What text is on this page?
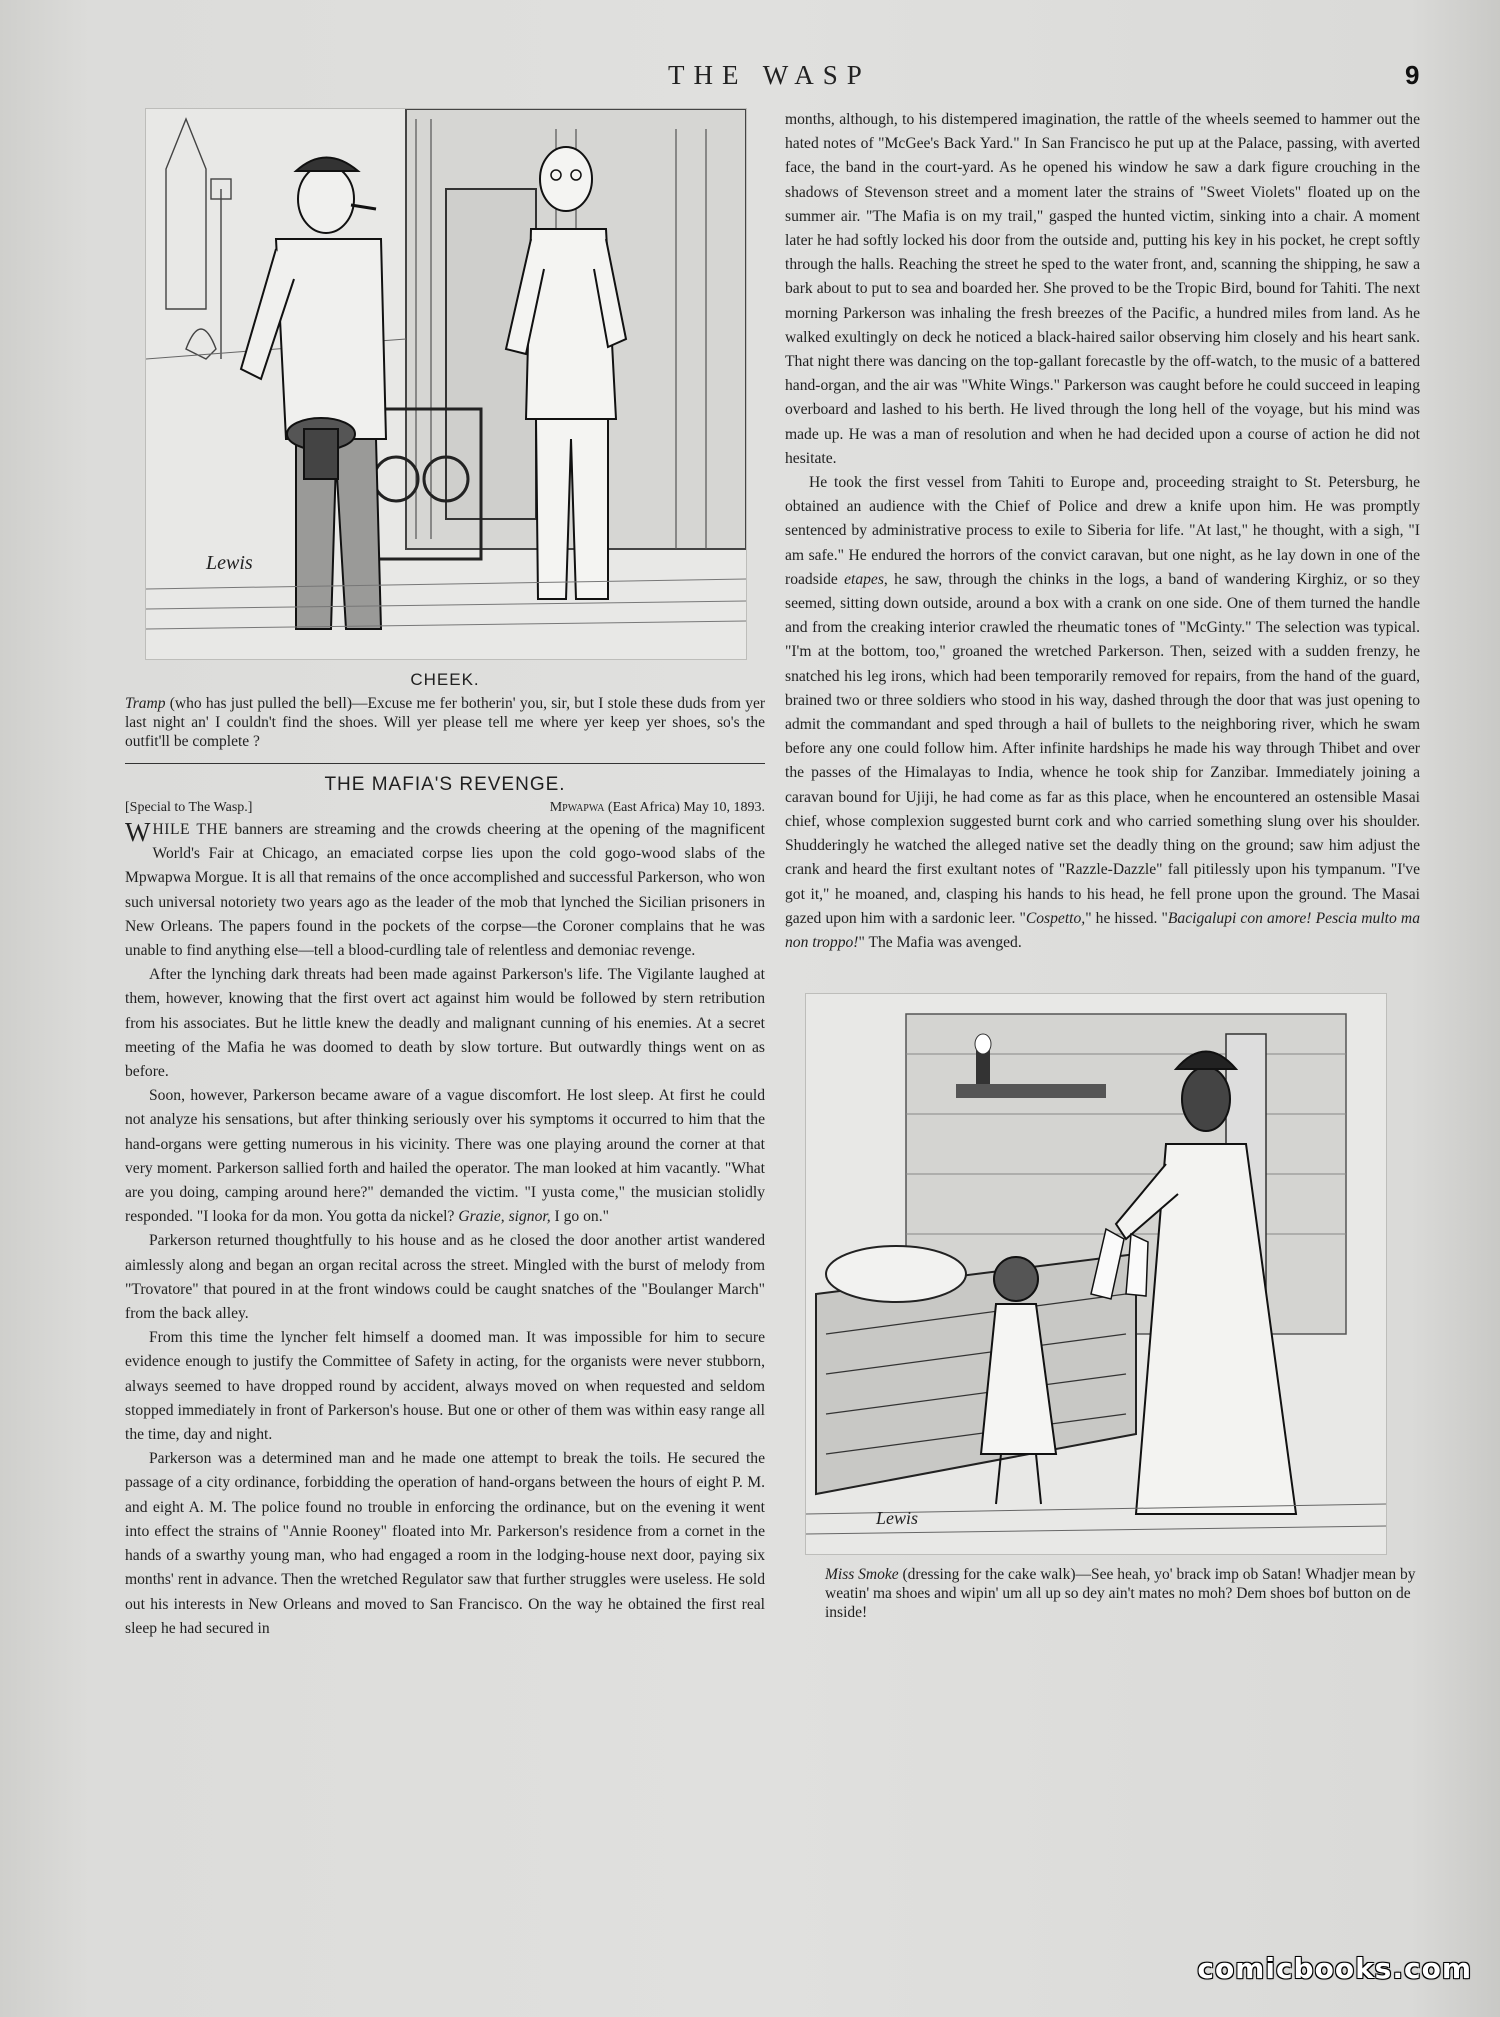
THE WASP	9
Lewis
CHEEK.

Tramp (who has just pulled the bell)—Excuse me fer botherin' you, sir, but I stole these duds from yer last night an' I couldn't find the shoes. Will yer please tell me where yer keep yer shoes, so's the outfit'll be complete ?

THE MAFIA'S REVENGE.
[Special to The Wasp.]	Mpwapwa (East Africa) May 10, 1893.

WHILE THE banners are streaming and the crowds cheering at the opening of the magnificent World's Fair at Chicago, an emaciated corpse lies upon the cold gogo-wood slabs of the Mpwapwa Morgue. It is all that remains of the once accomplished and successful Parkerson, who won such universal notoriety two years ago as the leader of the mob that lynched the Sicilian prisoners in New Orleans. The papers found in the pockets of the corpse—the Coroner complains that he was unable to find anything else—tell a blood-curdling tale of relentless and demoniac revenge.

After the lynching dark threats had been made against Parkerson's life. The Vigilante laughed at them, however, knowing that the first overt act against him would be followed by stern retribution from his associates. But he little knew the deadly and malignant cunning of his enemies. At a secret meeting of the Mafia he was doomed to death by slow torture. But outwardly things went on as before.

Soon, however, Parkerson became aware of a vague discomfort. He lost sleep. At first he could not analyze his sensations, but after thinking seriously over his symptoms it occurred to him that the hand-organs were getting numerous in his vicinity. There was one playing around the corner at that very moment. Parkerson sallied forth and hailed the operator. The man looked at him vacantly. "What are you doing, camping around here?" demanded the victim. "I yusta come," the musician stolidly responded. "I looka for da mon. You gotta da nickel? Grazie, signor, I go on."

Parkerson returned thoughtfully to his house and as he closed the door another artist wandered aimlessly along and began an organ recital across the street. Mingled with the burst of melody from "Trovatore" that poured in at the front windows could be caught snatches of the "Boulanger March" from the back alley.

From this time the lyncher felt himself a doomed man. It was impossible for him to secure evidence enough to justify the Committee of Safety in acting, for the organists were never stubborn, always seemed to have dropped round by accident, always moved on when requested and seldom stopped immediately in front of Parkerson's house. But one or other of them was within easy range all the time, day and night.

Parkerson was a determined man and he made one attempt to break the toils. He secured the passage of a city ordinance, forbidding the operation of hand-organs between the hours of eight P. M. and eight A. M. The police found no trouble in enforcing the ordinance, but on the evening it went into effect the strains of "Annie Rooney" floated into Mr. Parkerson's residence from a cornet in the hands of a swarthy young man, who had engaged a room in the lodging-house next door, paying six months' rent in advance. Then the wretched Regulator saw that further struggles were useless. He sold out his interests in New Orleans and moved to San Francisco. On the way he obtained the first real sleep he had secured in

months, although, to his distempered imagination, the rattle of the wheels seemed to hammer out the hated notes of "McGee's Back Yard." In San Francisco he put up at the Palace, passing, with averted face, the band in the court-yard. As he opened his window he saw a dark figure crouching in the shadows of Stevenson street and a moment later the strains of "Sweet Violets" floated up on the summer air. "The Mafia is on my trail," gasped the hunted victim, sinking into a chair. A moment later he had softly locked his door from the outside and, putting his key in his pocket, he crept softly through the halls. Reaching the street he sped to the water front, and, scanning the shipping, he saw a bark about to put to sea and boarded her. She proved to be the Tropic Bird, bound for Tahiti. The next morning Parkerson was inhaling the fresh breezes of the Pacific, a hundred miles from land. As he walked exultingly on deck he noticed a black-haired sailor observing him closely and his heart sank. That night there was dancing on the top-gallant forecastle by the off-watch, to the music of a battered hand-organ, and the air was "White Wings." Parkerson was caught before he could succeed in leaping overboard and lashed to his berth. He lived through the long hell of the voyage, but his mind was made up. He was a man of resolution and when he had decided upon a course of action he did not hesitate.

He took the first vessel from Tahiti to Europe and, proceeding straight to St. Petersburg, he obtained an audience with the Chief of Police and drew a knife upon him. He was promptly sentenced by administrative process to exile to Siberia for life. "At last," he thought, with a sigh, "I am safe." He endured the horrors of the convict caravan, but one night, as he lay down in one of the roadside etapes, he saw, through the chinks in the logs, a band of wandering Kirghiz, or so they seemed, sitting down outside, around a box with a crank on one side. One of them turned the handle and from the creaking interior crawled the rheumatic tones of "McGinty." The selection was typical. "I'm at the bottom, too," groaned the wretched Parkerson. Then, seized with a sudden frenzy, he snatched his leg irons, which had been temporarily removed for repairs, from the hand of the guard, brained two or three soldiers who stood in his way, dashed through the door that was just opening to admit the commandant and sped through a hail of bullets to the neighboring river, which he swam before any one could follow him. After infinite hardships he made his way through Thibet and over the passes of the Himalayas to India, whence he took ship for Zanzibar. Immediately joining a caravan bound for Ujiji, he had come as far as this place, when he encountered an ostensible Masai chief, whose complexion suggested burnt cork and who carried something slung over his shoulder. Shudderingly he watched the alleged native set the deadly thing on the ground; saw him adjust the crank and heard the first exultant notes of "Razzle-Dazzle" fall pitilessly upon his tympanum. "I've got it," he moaned, and, clasping his hands to his head, he fell prone upon the ground. The Masai gazed upon him with a sardonic leer. "Cospetto," he hissed. "Bacigalupi con amore! Pescia multo ma non troppo!" The Mafia was avenged.

Lewis

Miss Smoke (dressing for the cake walk)—See heah, yo' brack imp ob Satan! Whadjer mean by weatin' ma shoes and wipin' um all up so dey ain't mates no moh? Dem shoes bof button on de inside!

comicbooks.com
